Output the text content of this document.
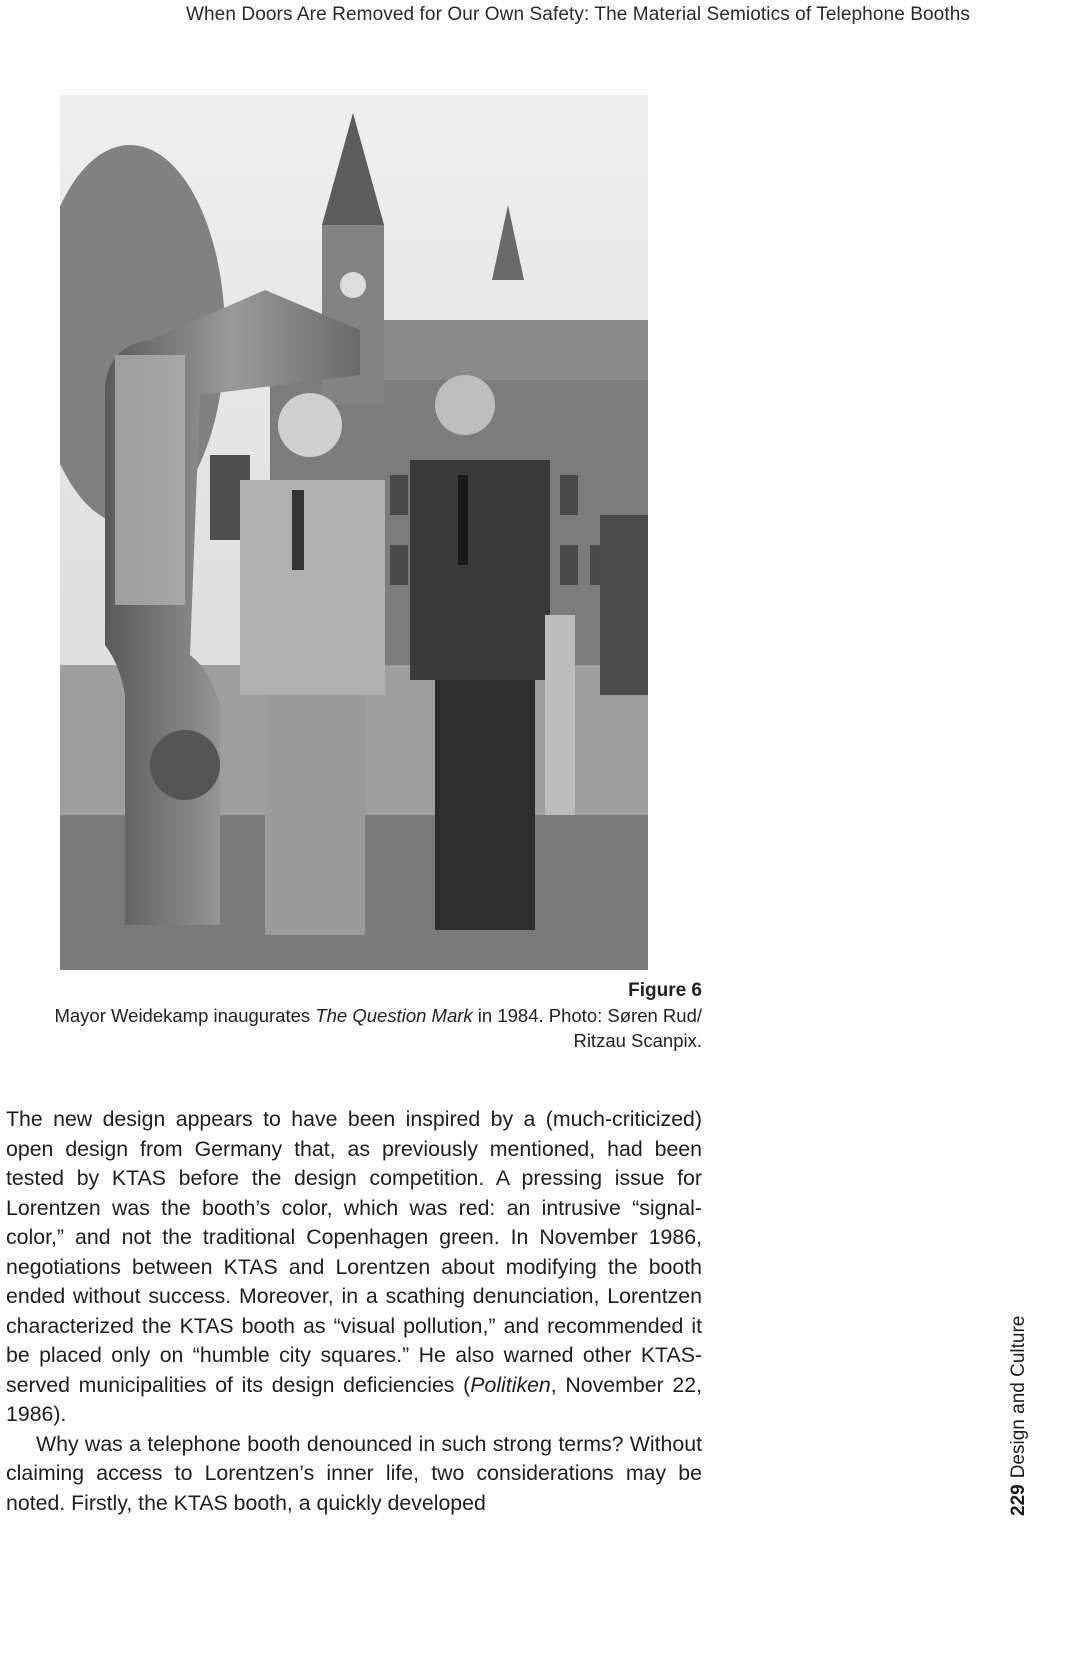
When Doors Are Removed for Our Own Safety: The Material Semiotics of Telephone Booths
Figure 6
Mayor Weidekamp inaugurates The Question Mark in 1984. Photo: Søren Rud/
Ritzau Scanpix.

The new design appears to have been inspired by a (much-criticized) open design from Germany that, as previously mentioned, had been tested by KTAS before the design competition. A pressing issue for Lorentzen was the booth’s color, which was red: an intrusive “signal-color,” and not the traditional Copenhagen green. In November 1986, negotiations between KTAS and Lorentzen about modifying the booth ended without success. Moreover, in a scathing denunciation, Lorentzen characterized the KTAS booth as “visual pollution,” and recommended it be placed only on “humble city squares.” He also warned other KTAS-served municipalities of its design deficiencies (Politiken, November 22, 1986).

Why was a telephone booth denounced in such strong terms? Without claiming access to Lorentzen’s inner life, two considerations may be noted. Firstly, the KTAS booth, a quickly developed	229Design and Culture
